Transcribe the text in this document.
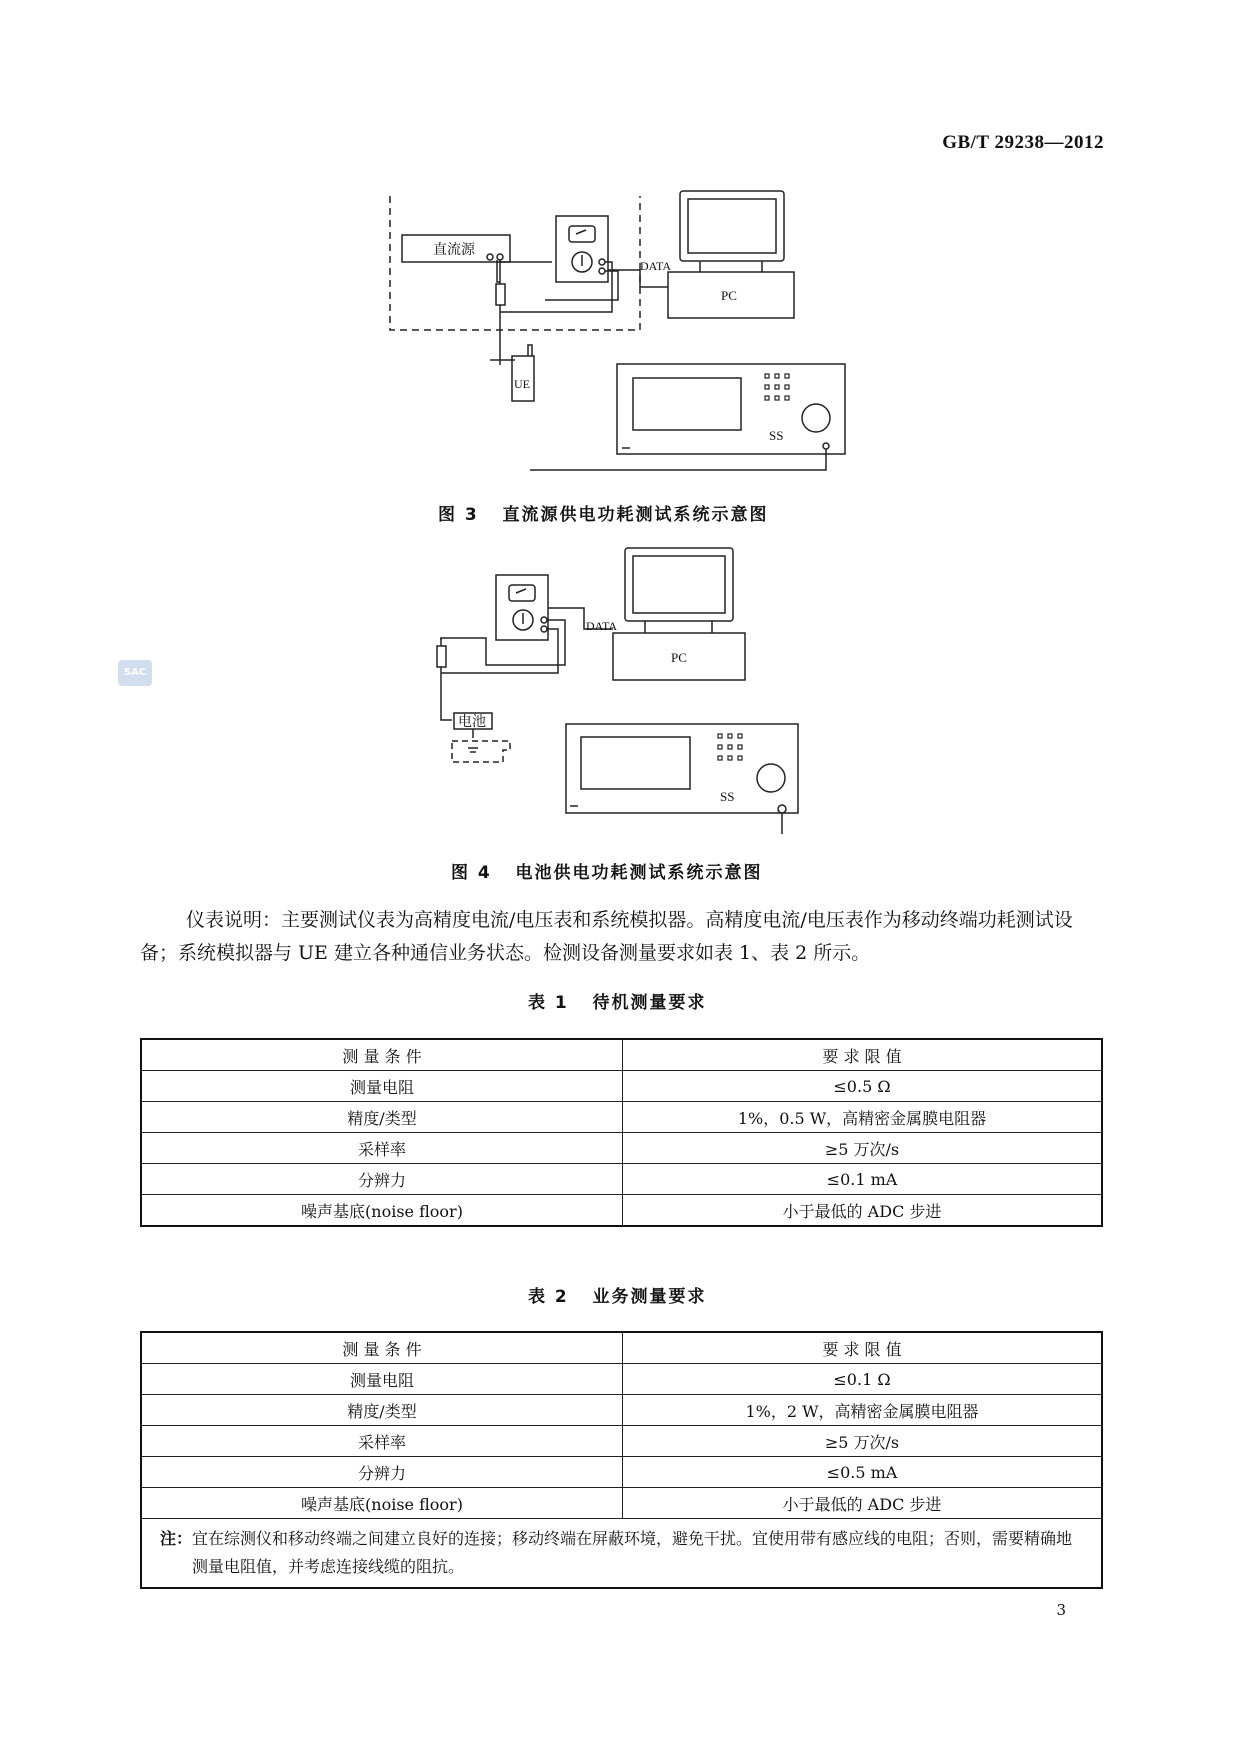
GB/T 29238—2012
SAC
直流源
DATA
PC
UE
SS
图 3   直流源供电功耗测试系统示意图
电池
DATA
PC
SS
图 4   电池供电功耗测试系统示意图
仪表说明：主要测试仪表为高精度电流/电压表和系统模拟器。高精度电流/电压表作为移动终端功耗测试设备；系统模拟器与 UE 建立各种通信业务状态。检测设备测量要求如表 1、表 2 所示。
表 1   待机测量要求
测 量 条 件	要 求 限 值
测量电阻	≤0.5 Ω
精度/类型	1%，0.5 W，高精密金属膜电阻器
采样率	≥5 万次/s
分辨力	≤0.1 mA
噪声基底(noise floor)	小于最低的 ADC 步进
表 2   业务测量要求
测 量 条 件	要 求 限 值
测量电阻	≤0.1 Ω
精度/类型	1%，2 W，高精密金属膜电阻器
采样率	≥5 万次/s
分辨力	≤0.5 mA
噪声基底(noise floor)	小于最低的 ADC 步进
注：宜在综测仪和移动终端之间建立良好的连接；移动终端在屏蔽环境，避免干扰。宜使用带有感应线的电阻；否则，需要精确地测量电阻值，并考虑连接线缆的阻抗。	
3
